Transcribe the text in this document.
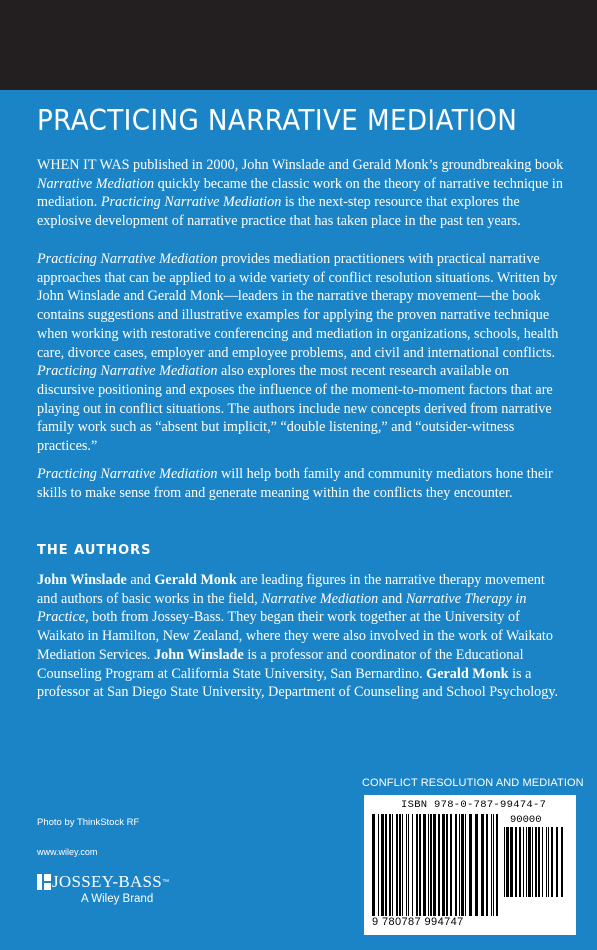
PRACTICING NARRATIVE MEDIATION

WHEN IT WAS published in 2000, John Winslade and Gerald Monk’s groundbreaking book Narrative Mediation quickly became the classic work on the theory of narrative technique in mediation. Practicing Narrative Mediation is the next-step resource that explores the explosive development of narrative practice that has taken place in the past ten years.

Practicing Narrative Mediation provides mediation practitioners with practical narrative approaches that can be applied to a wide variety of conflict resolution situations. Written by John Winslade and Gerald Monk—leaders in the narrative therapy movement—the book contains suggestions and illustrative examples for applying the proven narrative technique when working with restorative conferencing and mediation in organizations, schools, health care, divorce cases, employer and employee problems, and civil and international conflicts. Practicing Narrative Mediation also explores the most recent research available on discursive positioning and exposes the influence of the moment-to-moment factors that are playing out in conflict situations. The authors include new concepts derived from narrative family work such as “absent but implicit,” “double listening,” and “outsider-witness practices.”

Practicing Narrative Mediation will help both family and community mediators hone their skills to make sense from and generate meaning within the conflicts they encounter.

THE AUTHORS

John Winslade and Gerald Monk are leading figures in the narrative therapy movement and authors of basic works in the field, Narrative Mediation and Narrative Therapy in Practice, both from Jossey-Bass. They began their work together at the University of Waikato in Hamilton, New Zealand, where they were also involved in the work of Waikato Mediation Services. John Winslade is a professor and coordinator of the Educational Counseling Program at California State University, San Bernardino. Gerald Monk is a professor at San Diego State University, Department of Counseling and School Psychology.

CONFLICT RESOLUTION AND MEDIATION
Photo by ThinkStock RF
www.wiley.com
JOSSEY-BASS ™
A Wiley Brand
ISBN 978-0-787-99474-7
90000
9 780787 994747
